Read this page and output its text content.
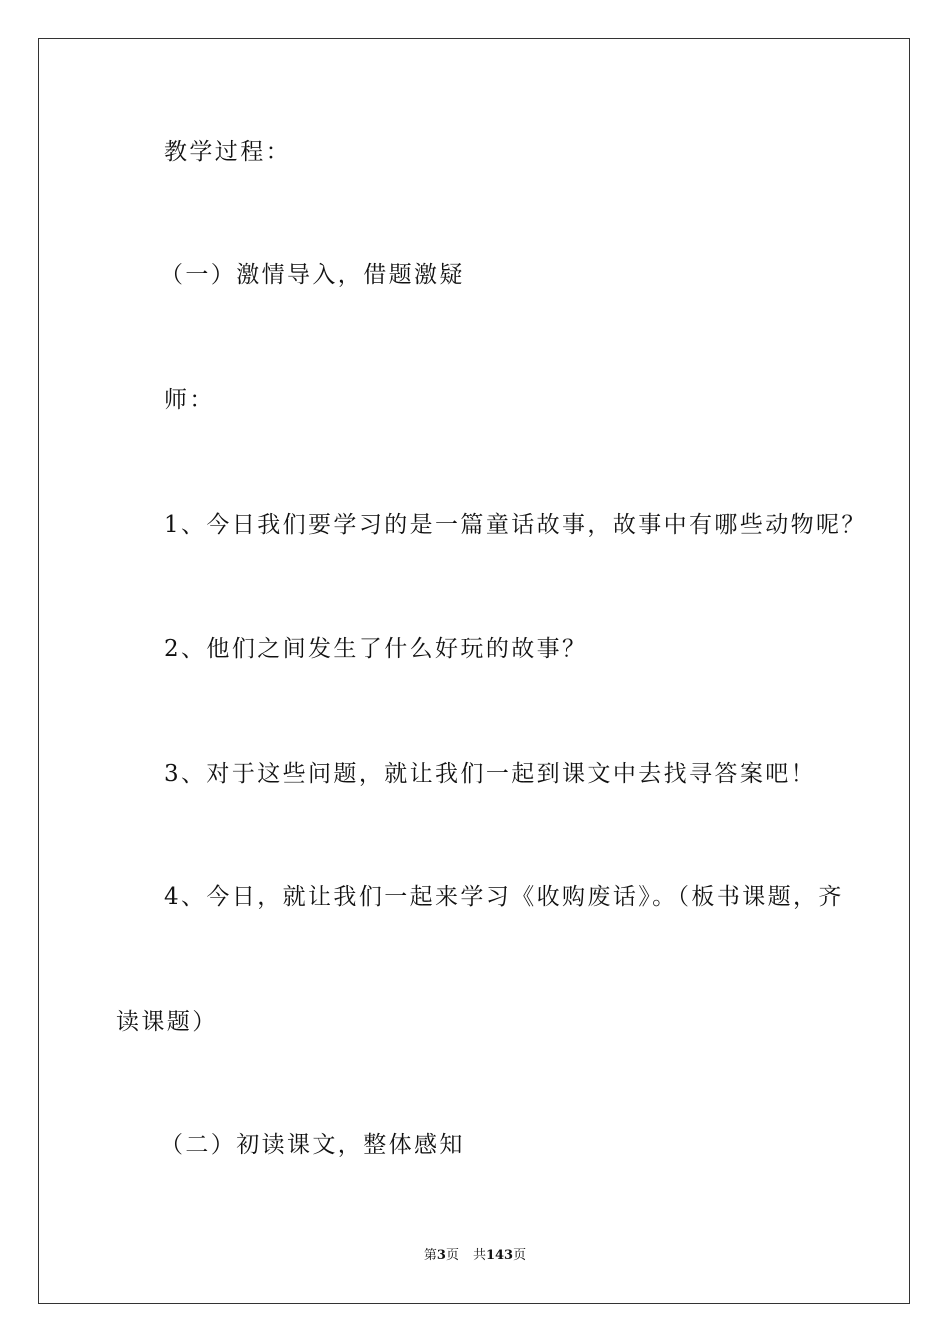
教学过程：
（一）激情导入，借题激疑
师：
1、今日我们要学习的是一篇童话故事，故事中有哪些动物呢？
2、他们之间发生了什么好玩的故事？
3、对于这些问题，就让我们一起到课文中去找寻答案吧！
4、今日，就让我们一起来学习《收购废话》。（板书课题，齐
读课题）
（二）初读课文，整体感知
第3页 共143页
